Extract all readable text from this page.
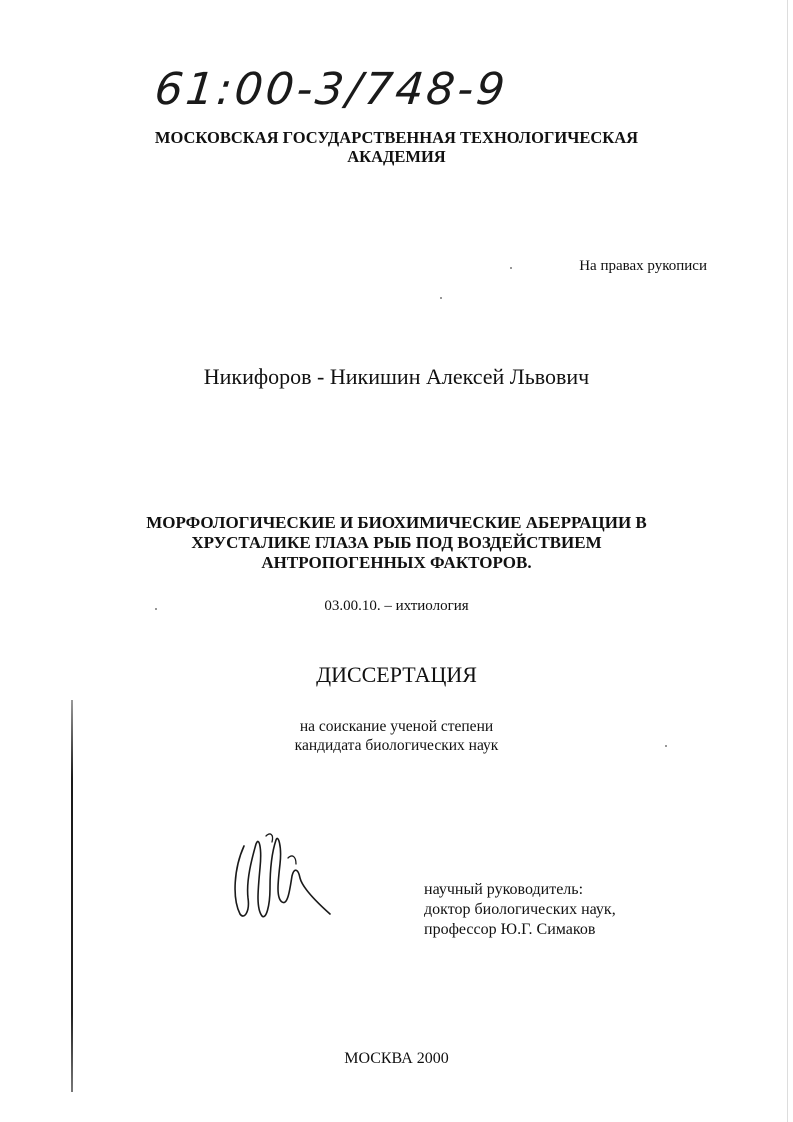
61:00-3/748-9
МОСКОВСКАЯ ГОСУДАРСТВЕННАЯ ТЕХНОЛОГИЧЕСКАЯ
АКАДЕМИЯ
На правах рукописи
Никифоров - Никишин Алексей Львович
МОРФОЛОГИЧЕСКИЕ И БИОХИМИЧЕСКИЕ АБЕРРАЦИИ В
ХРУСТАЛИКЕ ГЛАЗА РЫБ ПОД ВОЗДЕЙСТВИЕМ
АНТРОПОГЕННЫХ ФАКТОРОВ.
03.00.10. – ихтиология
ДИССЕРТАЦИЯ
на соискание ученой степени
кандидата биологических наук
научный руководитель:
доктор биологических наук,
профессор Ю.Г. Симаков
МОСКВА 2000
